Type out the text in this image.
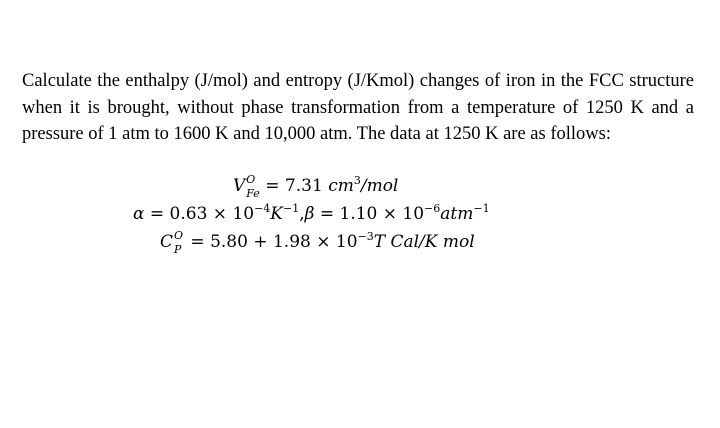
Calculate the enthalpy (J/mol) and entropy (J/Kmol) changes of iron in the FCC structure when it is brought, without phase transformation from a temperature of 1250 K and a pressure of 1 atm to 1600 K and 10,000 atm. The data at 1250 K are as follows:
V O
Fe = 7.31 $cm^3$/mol
$\alpha = 0.63 \times 10^{-4}K^{-1},\beta = 1.10 \times 10^{-6}atm^{-1}$
C O
$P = 5.80 + 1.98 \times 10^{-3}T$ Cal/K mol
